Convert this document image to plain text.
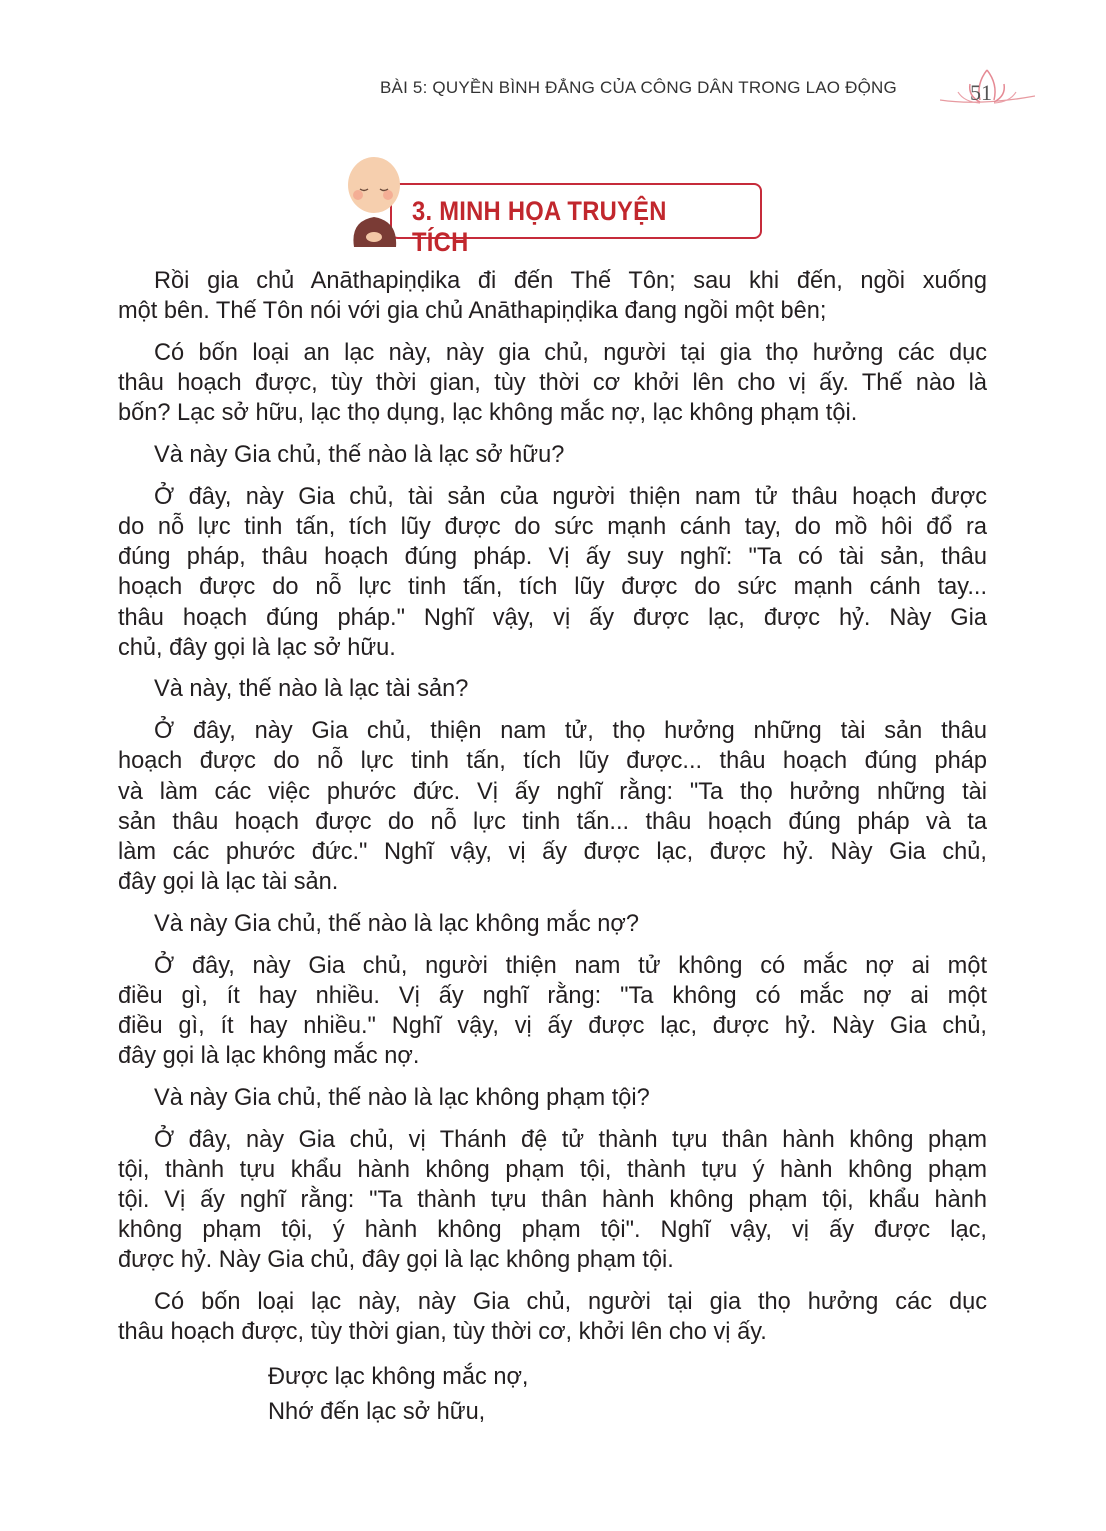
BÀI 5: QUYỀN BÌNH ĐẲNG CỦA CÔNG DÂN TRONG LAO ĐỘNG	51
3. MINH HỌA TRUYỆN TÍCH
Rồi gia chủ Anāthapiṇḍika đi đến Thế Tôn; sau khi đến, ngồi xuống
một bên. Thế Tôn nói với gia chủ Anāthapiṇḍika đang ngồi một bên;
Có bốn loại an lạc này, này gia chủ, người tại gia thọ hưởng các dục
thâu hoạch được, tùy thời gian, tùy thời cơ khởi lên cho vị ấy. Thế nào là
bốn? Lạc sở hữu, lạc thọ dụng, lạc không mắc nợ, lạc không phạm tội.
Và này Gia chủ, thế nào là lạc sở hữu?
Ở đây, này Gia chủ, tài sản của người thiện nam tử thâu hoạch được
do nỗ lực tinh tấn, tích lũy được do sức mạnh cánh tay, do mồ hôi đổ ra
đúng pháp, thâu hoạch đúng pháp. Vị ấy suy nghĩ: "Ta có tài sản, thâu
hoạch được do nỗ lực tinh tấn, tích lũy được do sức mạnh cánh tay...
thâu hoạch đúng pháp." Nghĩ vậy, vị ấy được lạc, được hỷ. Này Gia
chủ, đây gọi là lạc sở hữu.
Và này, thế nào là lạc tài sản?
Ở đây, này Gia chủ, thiện nam tử, thọ hưởng những tài sản thâu
hoạch được do nỗ lực tinh tấn, tích lũy được... thâu hoạch đúng pháp
và làm các việc phước đức. Vị ấy nghĩ rằng: "Ta thọ hưởng những tài
sản thâu hoạch được do nỗ lực tinh tấn... thâu hoạch đúng pháp và ta
làm các phước đức." Nghĩ vậy, vị ấy được lạc, được hỷ. Này Gia chủ,
đây gọi là lạc tài sản.
Và này Gia chủ, thế nào là lạc không mắc nợ?
Ở đây, này Gia chủ, người thiện nam tử không có mắc nợ ai một
điều gì, ít hay nhiều. Vị ấy nghĩ rằng: "Ta không có mắc nợ ai một
điều gì, ít hay nhiều." Nghĩ vậy, vị ấy được lạc, được hỷ. Này Gia chủ,
đây gọi là lạc không mắc nợ.
Và này Gia chủ, thế nào là lạc không phạm tội?
Ở đây, này Gia chủ, vị Thánh đệ tử thành tựu thân hành không phạm
tội, thành tựu khẩu hành không phạm tội, thành tựu ý hành không phạm
tội. Vị ấy nghĩ rằng: "Ta thành tựu thân hành không phạm tội, khẩu hành
không phạm tội, ý hành không phạm tội". Nghĩ vậy, vị ấy được lạc,
được hỷ. Này Gia chủ, đây gọi là lạc không phạm tội.
Có bốn loại lạc này, này Gia chủ, người tại gia thọ hưởng các dục
thâu hoạch được, tùy thời gian, tùy thời cơ, khởi lên cho vị ấy.
Được lạc không mắc nợ,
Nhớ đến lạc sở hữu,
